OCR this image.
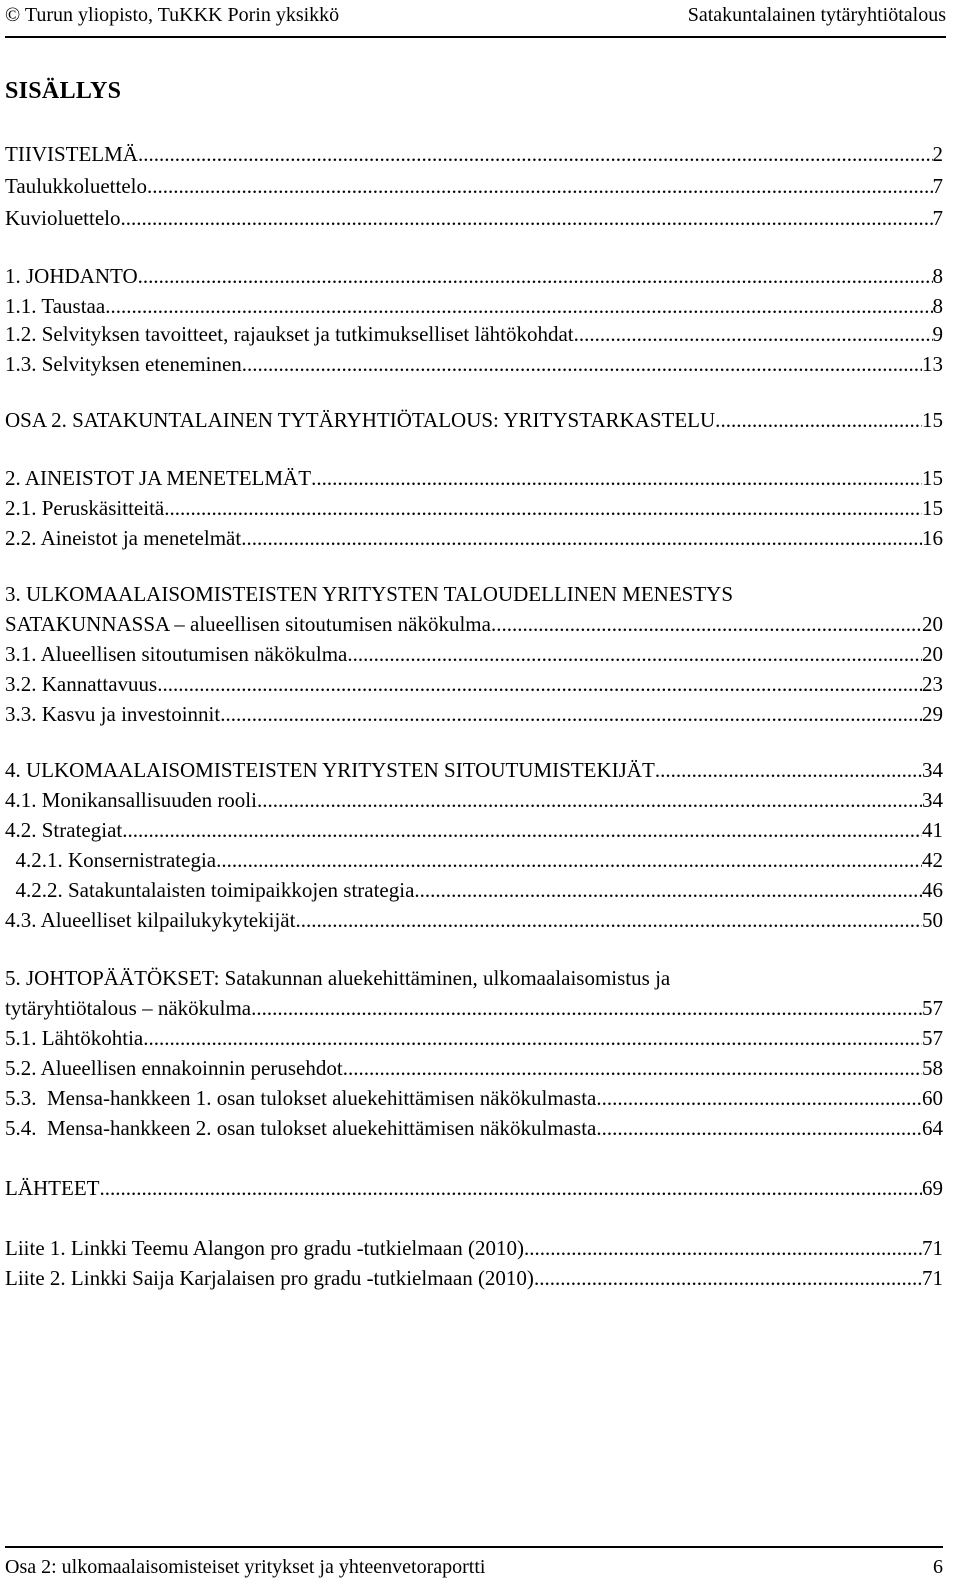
© Turun yliopisto, TuKKK Porin yksikkö	Satakuntalainen tytäryhtiötalous
SISÄLLYS
TIIVISTELMÄ .....	2
Taulukkoluettelo .....	7
Kuvioluettelo .....	7
1. JOHDANTO .....	8
1.1. Taustaa .....	8
1.2. Selvityksen tavoitteet, rajaukset ja tutkimukselliset lähtökohdat .....	9
1.3. Selvityksen eteneminen .....	13
OSA 2. SATAKUNTALAINEN TYTÄRYHTIÖTALOUS: YRITYSTARKASTELU. .....	15
2. AINEISTOT JA MENETELMÄT .....	15
2.1. Peruskäsitteitä .....	15
2.2. Aineistot ja menetelmät .....	16
3. ULKOMAALAISOMISTEISTEN YRITYSTEN TALOUDELLINEN MENESTYS
SATAKUNNASSA – alueellisen sitoutumisen näkökulma .....	20
3.1. Alueellisen sitoutumisen näkökulma .....	20
3.2. Kannattavuus .....	23
3.3. Kasvu ja investoinnit .....	29
4. ULKOMAALAISOMISTEISTEN YRITYSTEN SITOUTUMISTEKIJÄT .....	34
4.1. Monikansallisuuden rooli .....	34
4.2. Strategiat .....	41
4.2.1. Konsernistrategia .....	42
4.2.2. Satakuntalaisten toimipaikkojen strategia .....	46
4.3. Alueelliset kilpailukykytekijät .....	50
5. JOHTOPÄÄTÖKSET: Satakunnan aluekehittäminen, ulkomaalaisomistus ja
tytäryhtiötalous – näkökulma .....	57
5.1. Lähtökohtia .....	57
5.2. Alueellisen ennakoinnin perusehdot .....	58
5.3.  Mensa-hankkeen 1. osan tulokset aluekehittämisen näkökulmasta .....	60
5.4.  Mensa-hankkeen 2. osan tulokset aluekehittämisen näkökulmasta .....	64
LÄHTEET .....	69
Liite 1. Linkki Teemu Alangon pro gradu -tutkielmaan (2010) .....	71
Liite 2. Linkki Saija Karjalaisen pro gradu -tutkielmaan (2010) .....	71
Osa 2: ulkomaalaisomisteiset yritykset ja yhteenvetoraportti	6
